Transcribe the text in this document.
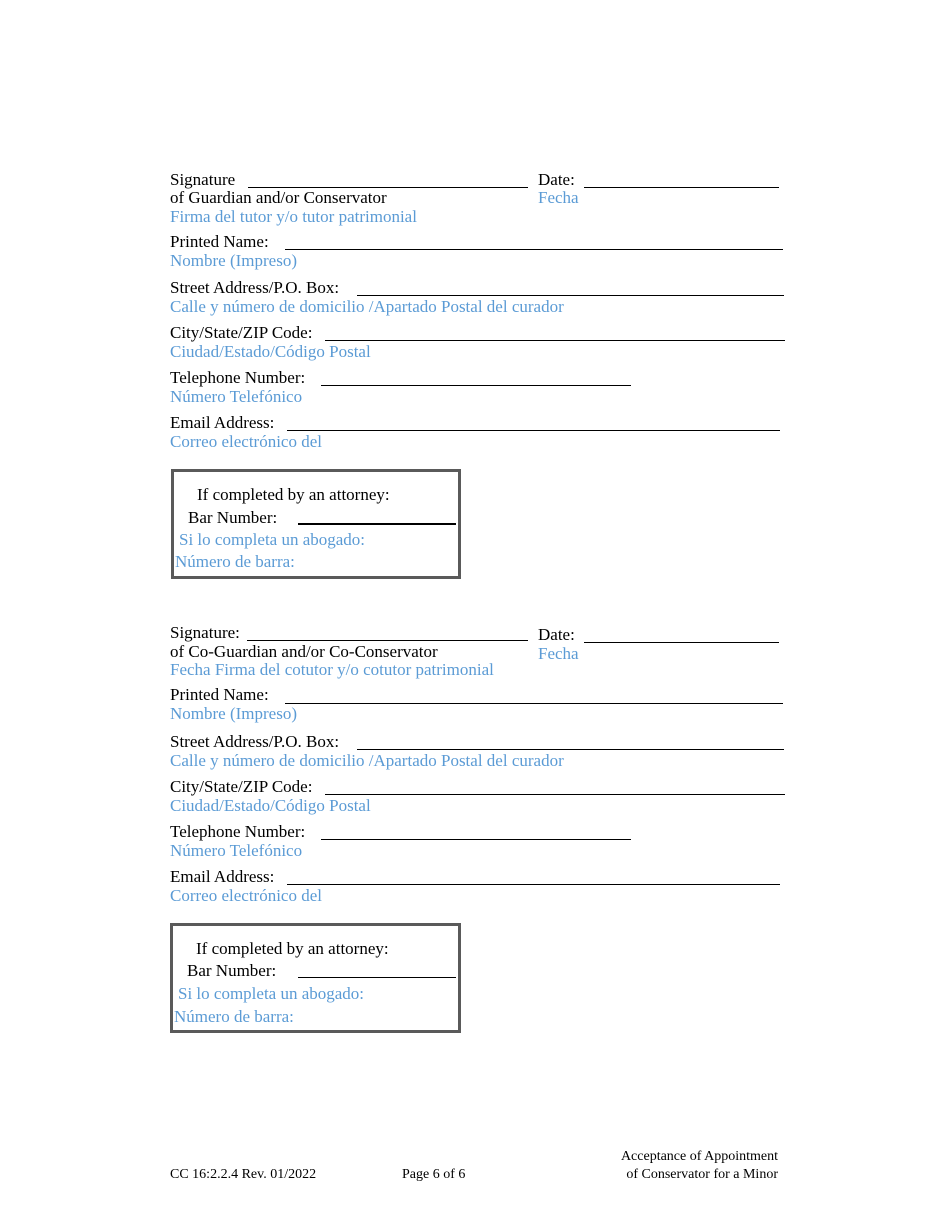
Signature
of Guardian and/or Conservator
Firma del tutor y/o tutor patrimonial
Date:
Fecha
Printed Name:
Nombre (Impreso)
Street Address/P.O. Box:
Calle y número de domicilio /Apartado Postal del curador
City/State/ZIP Code:
Ciudad/Estado/Código Postal
Telephone Number:
Número Telefónico
Email Address:
Correo electrónico del
If completed by an attorney:
Bar Number:
Si lo completa un abogado:
Número de barra:
Signature:
of Co-Guardian and/or Co-Conservator
Fecha Firma del cotutor y/o cotutor patrimonial
Date:
Fecha
Printed Name:
Nombre (Impreso)
Street Address/P.O. Box:
Calle y número de domicilio /Apartado Postal del curador
City/State/ZIP Code:
Ciudad/Estado/Código Postal
Telephone Number:
Número Telefónico
Email Address:
Correo electrónico del
If completed by an attorney:
Bar Number:
Si lo completa un abogado:
Número de barra:
CC 16:2.2.4 Rev. 01/2022	Page 6 of 6
Acceptance of Appointment
of Conservator for a Minor
